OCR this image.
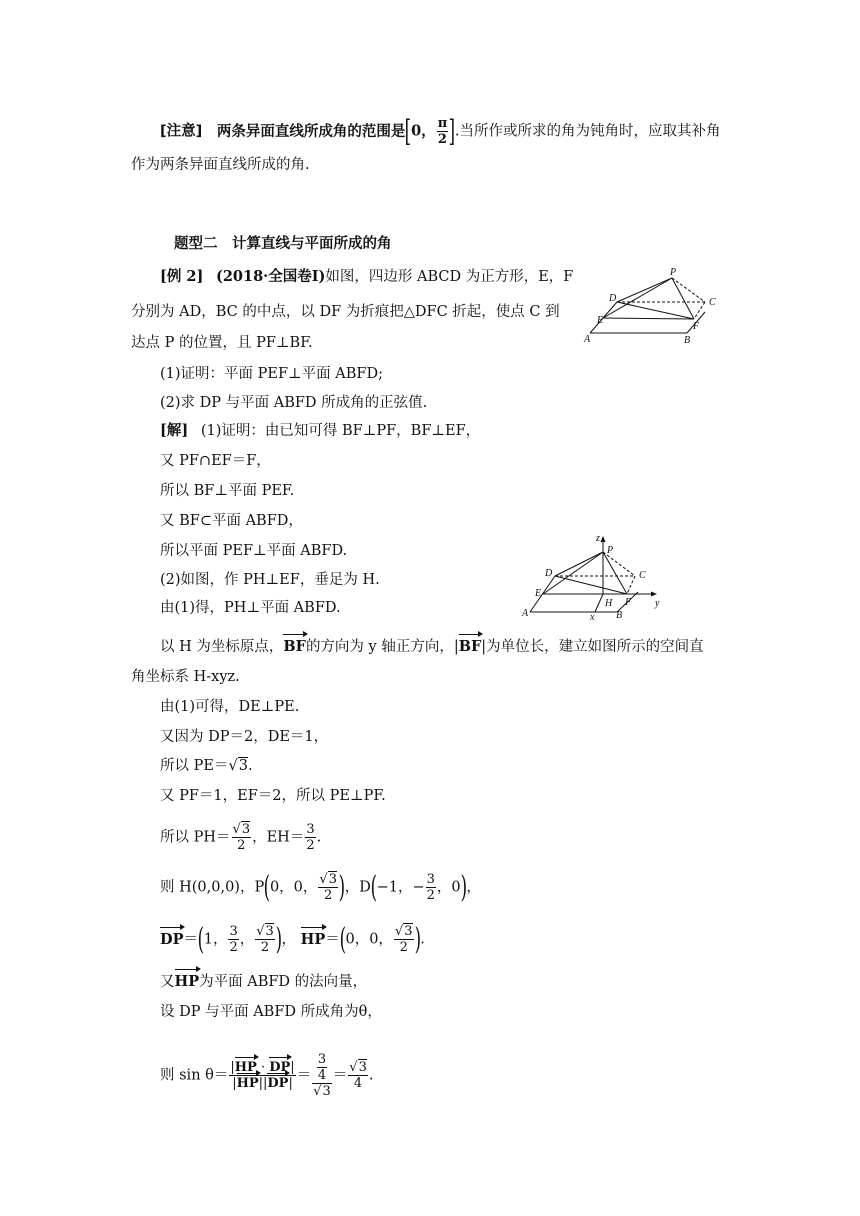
[注意] 两条异面直线所成角的范围是[0， $\frac{\pi}{2}$ ].当所作或所求的角为钝角时，应取其补角
作为两条异面直线所成的角.
题型二　计算直线与平面所成的角
[例 2] (2018·全国卷Ⅰ)如图，四边形 ABCD 为正方形，E，F
分别为 AD，BC 的中点，以 DF 为折痕把△DFC 折起，使点 C 到
达点 P 的位置，且 PF⊥BF.
(1)证明：平面 PEF⊥平面 ABFD;
(2)求 DP 与平面 ABFD 所成角的正弦值.
P
D	C
E
F
A	B
[解] (1)证明：由已知可得 BF⊥PF，BF⊥EF，
又 PF∩EF＝F，
所以 BF⊥平面 PEF.
又 BF⊂平面 ABFD，
所以平面 PEF⊥平面 ABFD.
(2)如图，作 PH⊥EF，垂足为 H.
由(1)得，PH⊥平面 ABFD.
z
P
D	C
E
H F y
A	B
x
以 H 为坐标原点，BF的方向为 y 轴正方向，|BF|为单位长，建立如图所示的空间直
角坐标系 H-xyz.
由(1)可得，DE⊥PE.
又因为 DP＝2，DE＝1，
所以 PE＝√3.
又 PF＝1，EF＝2，所以 PE⊥PF.
所以 $PH= \frac{√3}{2}$ ，$EH= \frac{3}{2}$ .
则 H(0,0,0)，P(0，0， $\frac{√3}{2}$ )，D(−1，− $\frac{3}{2}$ ，0)，
DP＝(1， $\frac{3}{2}$ ， $\frac{√3}{2}$ )， HP＝(0，0， $\frac{√3}{2}$ ).
又HP为平面 ABFD 的法向量，
设 DP 与平面 ABFD 所成角为θ，
则 $\sin \theta= \frac{|HP \cdot DP|}{|HP||DP|} = \frac{\frac{3}{4}}{√3} = \frac{√3}{4}$ .
